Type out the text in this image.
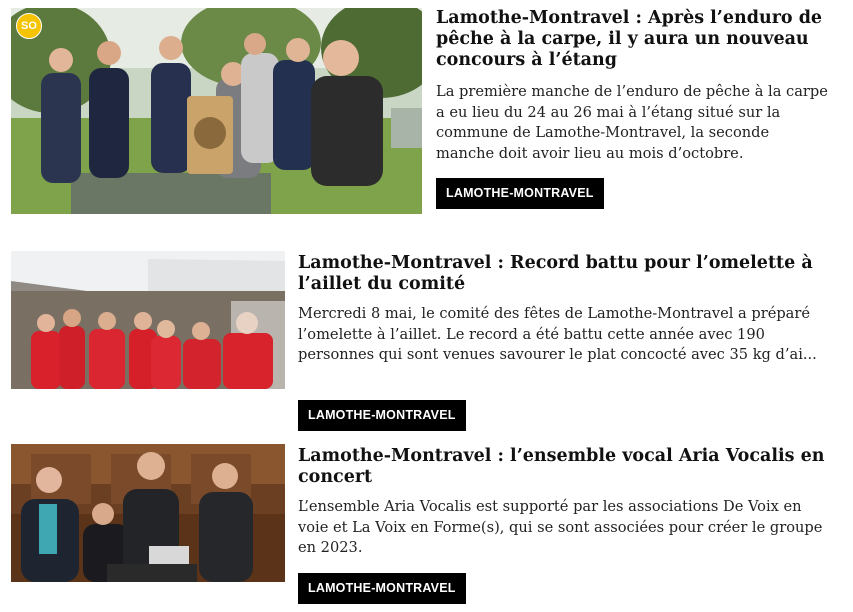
SO	Lamothe-Montravel : Après l’enduro de pêche à la carpe, il y aura un nouveau concours à l’étang

La première manche de l’enduro de pêche à la carpe a eu lieu du 24 au 26 mai à l’étang situé sur la commune de Lamothe-Montravel, la seconde manche doit avoir lieu au mois d’octobre.

LAMOTHE-MONTRAVEL
Lamothe-Montravel : Record battu pour l’omelette à l’aillet du comité

Mercredi 8 mai, le comité des fêtes de Lamothe-Montravel a préparé l’omelette à l’aillet. Le record a été battu cette année avec 190 personnes qui sont venues savourer le plat concocté avec 35 kg d’ai...

LAMOTHE-MONTRAVEL
Lamothe-Montravel : l’ensemble vocal Aria Vocalis en concert

L’ensemble Aria Vocalis est supporté par les associations De Voix en voie et La Voix en Forme(s), qui se sont associées pour créer le groupe en 2023.

LAMOTHE-MONTRAVEL
